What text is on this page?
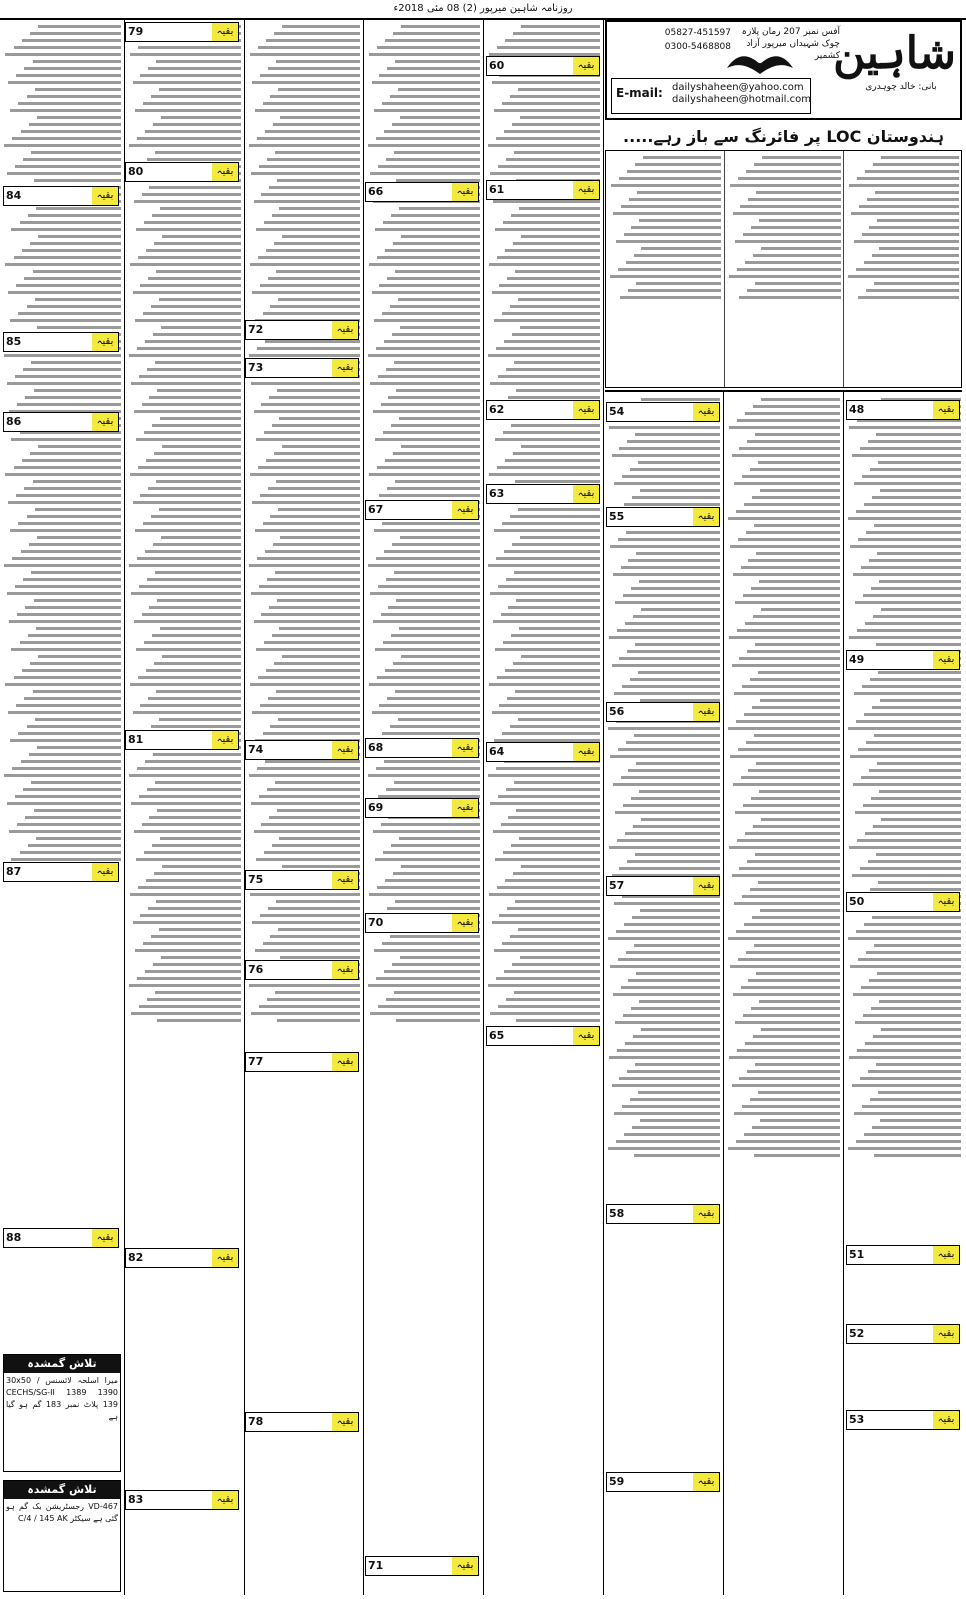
روزنامہ شاہین میرپور (2) 08 مئی 2018ء
شاہین
بانی: خالد چوہدری
آفس نمبر 207 رمان پلازہ چوک شہیداں میرپور آزاد کشمیر
05827-451597
0300-5468808
E-mail: dailyshaheen@yahoo.com
dailyshaheen@hotmail.com
ہندوستان LOC پر فائرنگ سے باز رہے.....
بقیہ
84
بقیہ
85
بقیہ
86
بقیہ
87
بقیہ
88
بقیہ
79
بقیہ
80
بقیہ
81
بقیہ
82
بقیہ
83
بقیہ
72
بقیہ
73
بقیہ
74
بقیہ
75
بقیہ
76
بقیہ
77
بقیہ
78
بقیہ
66
بقیہ
67
بقیہ
68
بقیہ
69
بقیہ
70
بقیہ
71
بقیہ
60
بقیہ
61
بقیہ
62
بقیہ
63
بقیہ
64
بقیہ
65
بقیہ
54
بقیہ
55
بقیہ
56
بقیہ
57
بقیہ
58
بقیہ
59
بقیہ
48
بقیہ
49
بقیہ
50
بقیہ
51
بقیہ
52
بقیہ
53
تلاش گمشدہ
میرا اسلحہ لائسنس 30x50 / CECHS/SG-II 1389 1390 139 پلاٹ نمبر 183 گم ہو گیا ہے
تلاش گمشدہ
VD-467 رجسٹریشن بک گم ہو گئی ہے سیکٹر C/4 / 145 AK
